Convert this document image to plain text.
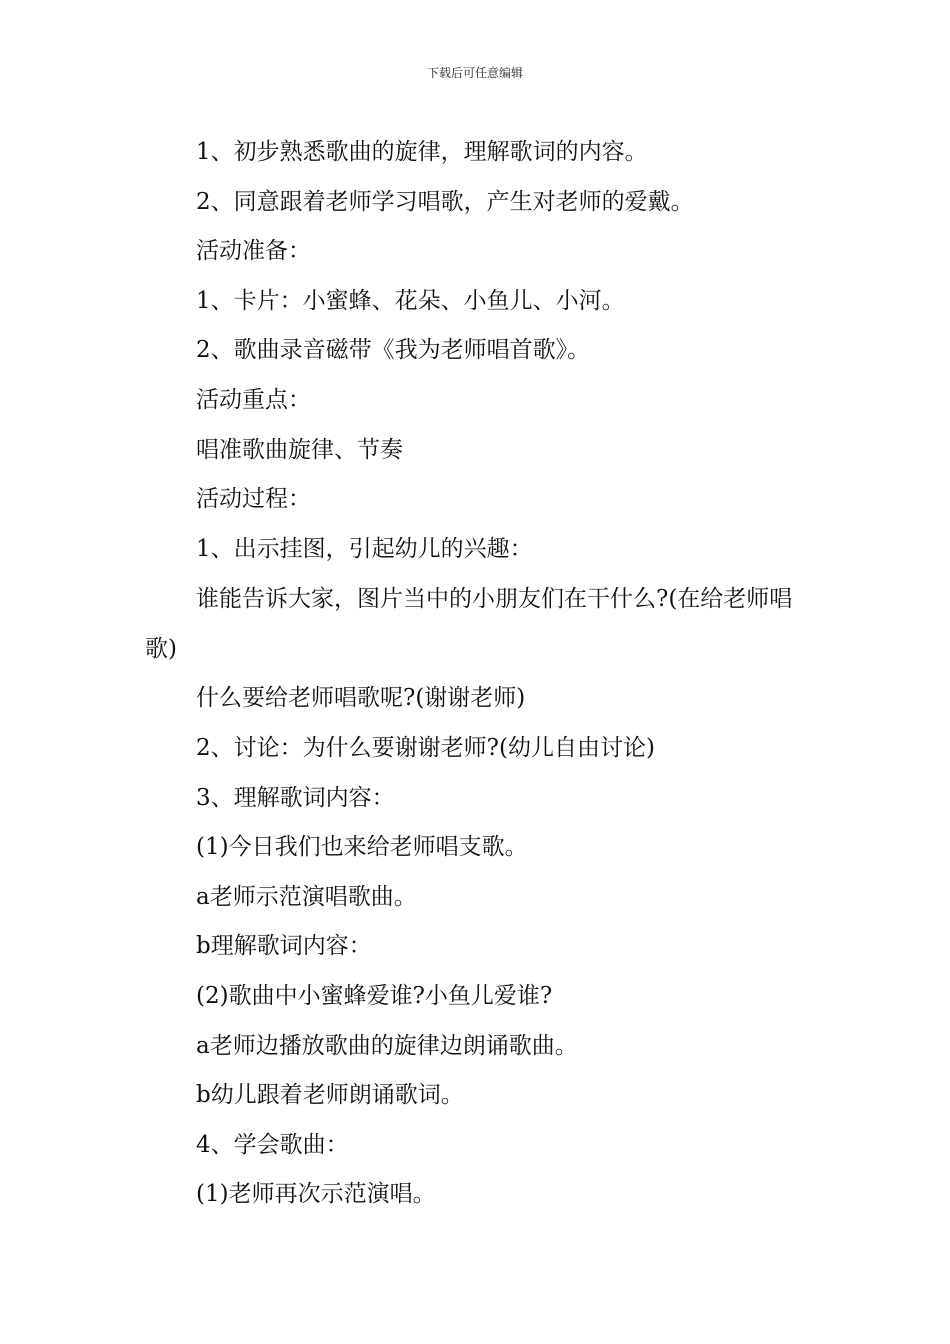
下载后可任意编辑

1、初步熟悉歌曲的旋律，理解歌词的内容。

2、同意跟着老师学习唱歌，产生对老师的爱戴。

活动准备：

1、卡片：小蜜蜂、花朵、小鱼儿、小河。

2、歌曲录音磁带《我为老师唱首歌》。

活动重点：

唱准歌曲旋律、节奏

活动过程：

1、出示挂图，引起幼儿的兴趣：

谁能告诉大家，图片当中的小朋友们在干什么?(在给老师唱歌)

什么要给老师唱歌呢?(谢谢老师)

2、讨论：为什么要谢谢老师?(幼儿自由讨论)

3、理解歌词内容：

(1)今日我们也来给老师唱支歌。

a老师示范演唱歌曲。

b理解歌词内容：

(2)歌曲中小蜜蜂爱谁?小鱼儿爱谁?

a老师边播放歌曲的旋律边朗诵歌曲。

b幼儿跟着老师朗诵歌词。

4、学会歌曲：

(1)老师再次示范演唱。
